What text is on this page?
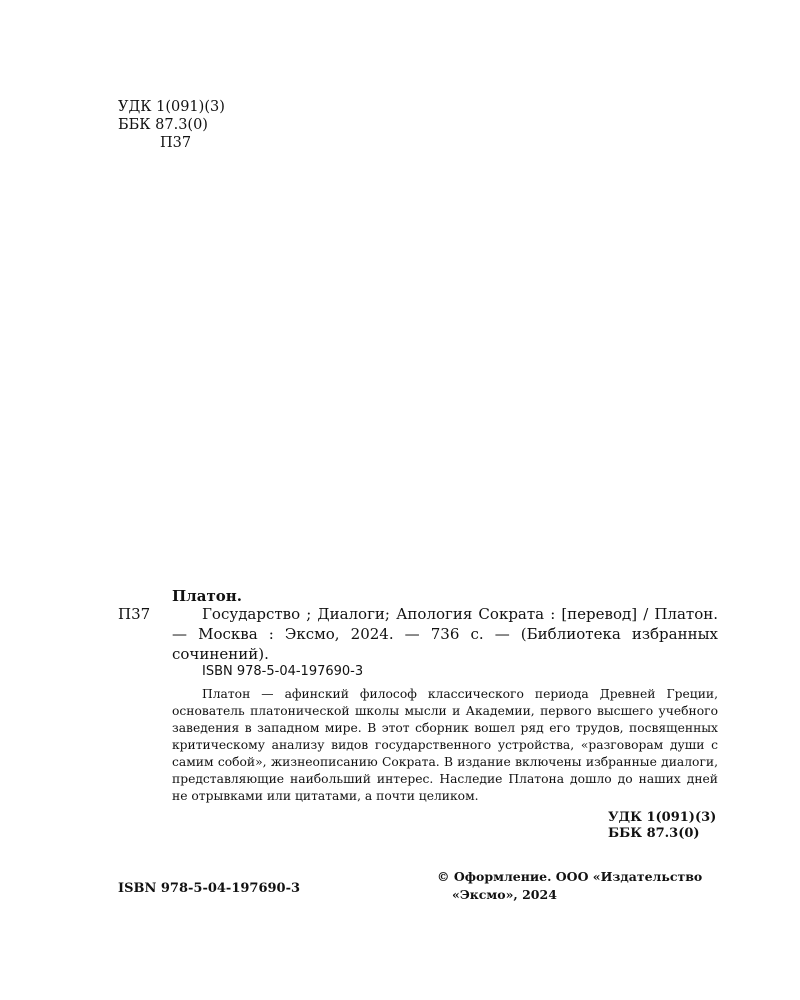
УДК 1(091)(3)
ББК 87.3(0)
П37
Платон.
П37	Государство ; Диалоги; Апология Сократа : [перевод] / Платон. — Москва : Эксмо, 2024. — 736 с. — (Библиотека избранных сочинений).
ISBN 978-5-04-197690-3
Платон — афинский философ классического периода Древней Греции, основатель платонической школы мысли и Академии, первого высшего учебного заведения в западном мире. В этот сборник вошел ряд его трудов, посвященных критическому анализу видов государственного устройства, «разговорам души с самим собой», жизнеописанию Сократа. В издание включены избранные диалоги, представляющие наибольший интерес. Наследие Платона дошло до наших дней не отрывками или цитатами, а почти целиком.
УДК 1(091)(3)
ББК 87.3(0)
© Оформление. ООО «Издательство
«Эксмо», 2024
ISBN 978-5-04-197690-3
